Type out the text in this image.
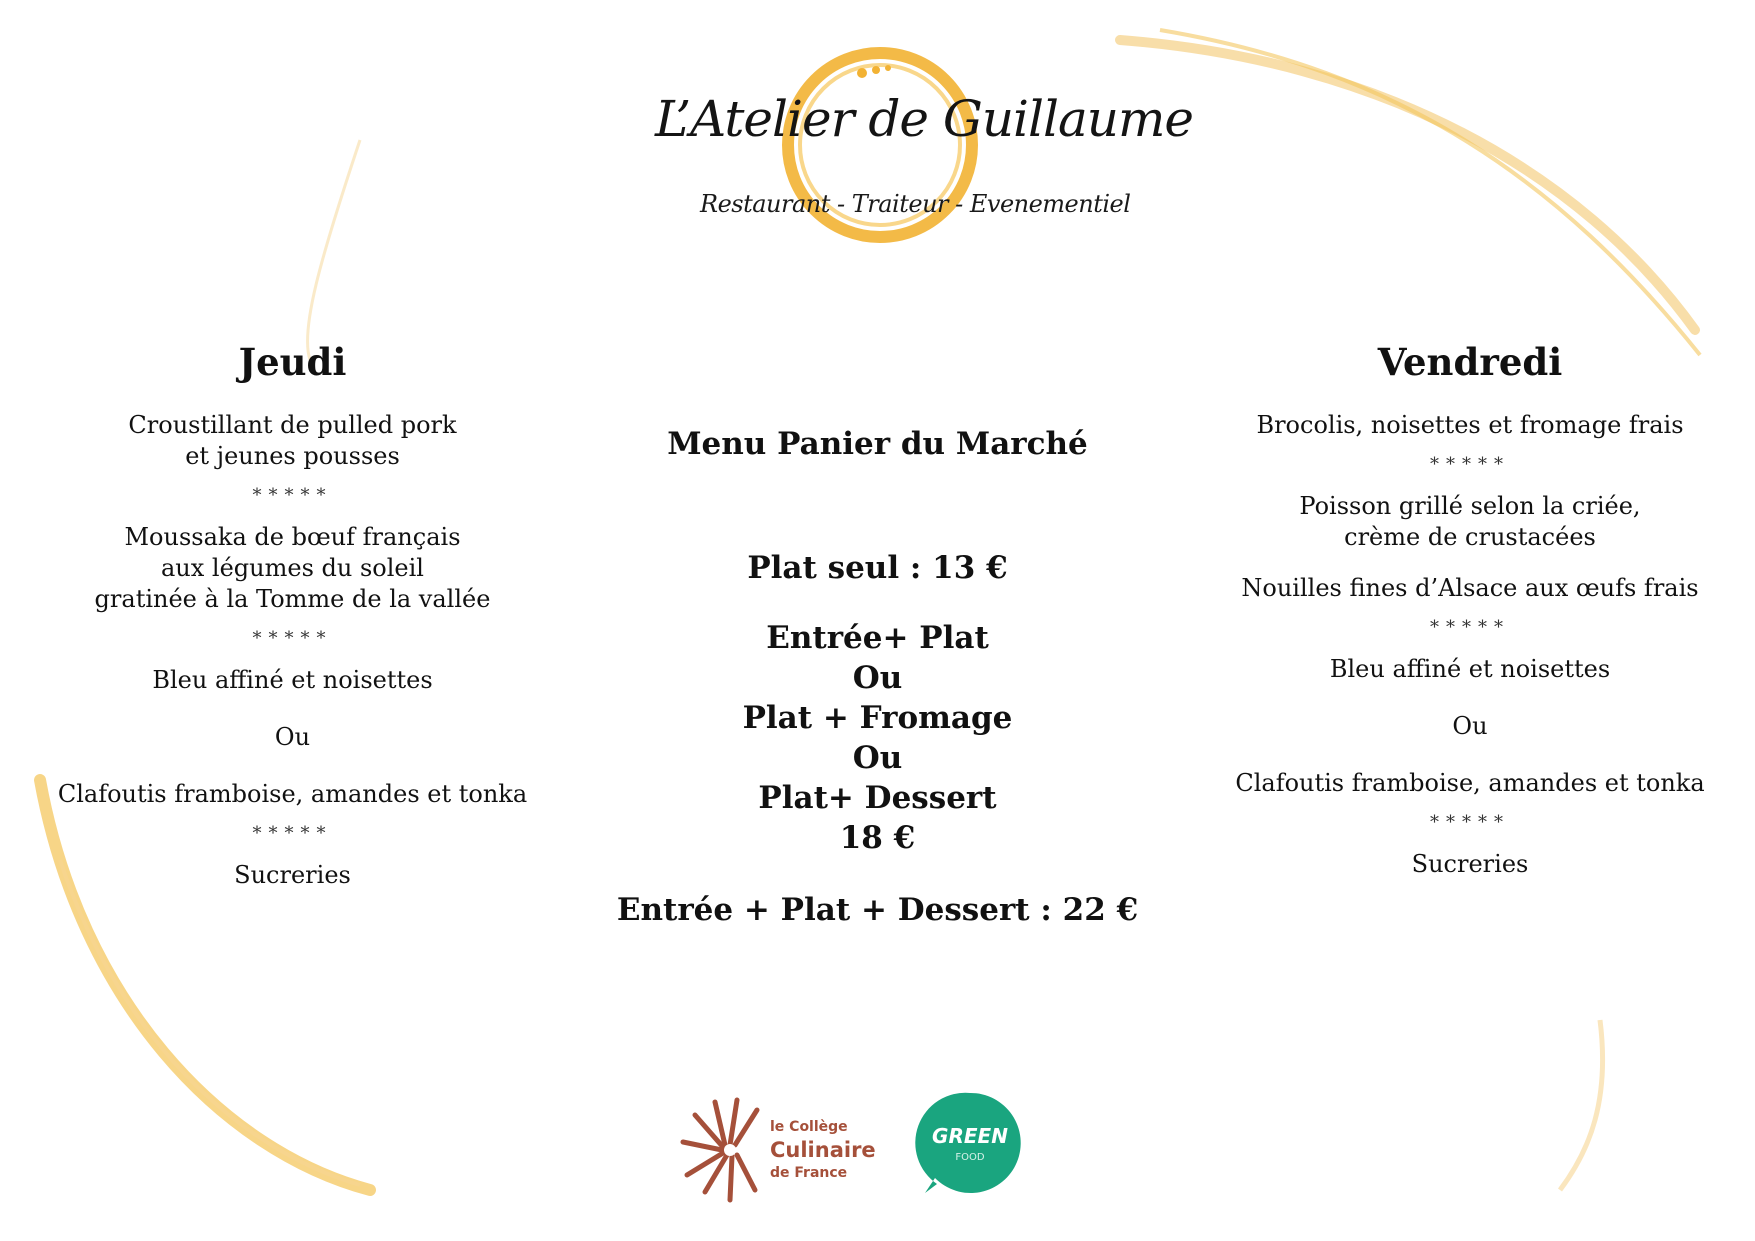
L’Atelier de Guillaume
Restaurant - Traiteur - Evenementiel
Jeudi
Croustillant de pulled pork
et jeunes pousses
*****
Moussaka de bœuf français
aux légumes du soleil
gratinée à la Tomme de la vallée
*****
Bleu affiné et noisettes
Ou
Clafoutis framboise, amandes et tonka
*****
Sucreries
Menu Panier du Marché
Plat seul : 13 €
Entrée+ Plat
Ou
Plat + Fromage
Ou
Plat+ Dessert
18 €
Entrée + Plat + Dessert : 22 €
Vendredi
Brocolis, noisettes et fromage frais
*****
Poisson grillé selon la criée,
crème de crustacées
Nouilles fines d’Alsace aux œufs frais
*****
Bleu affiné et noisettes
Ou
Clafoutis framboise, amandes et tonka
*****
Sucreries
le Collège
Culinaire
de France
GREEN
FOOD
